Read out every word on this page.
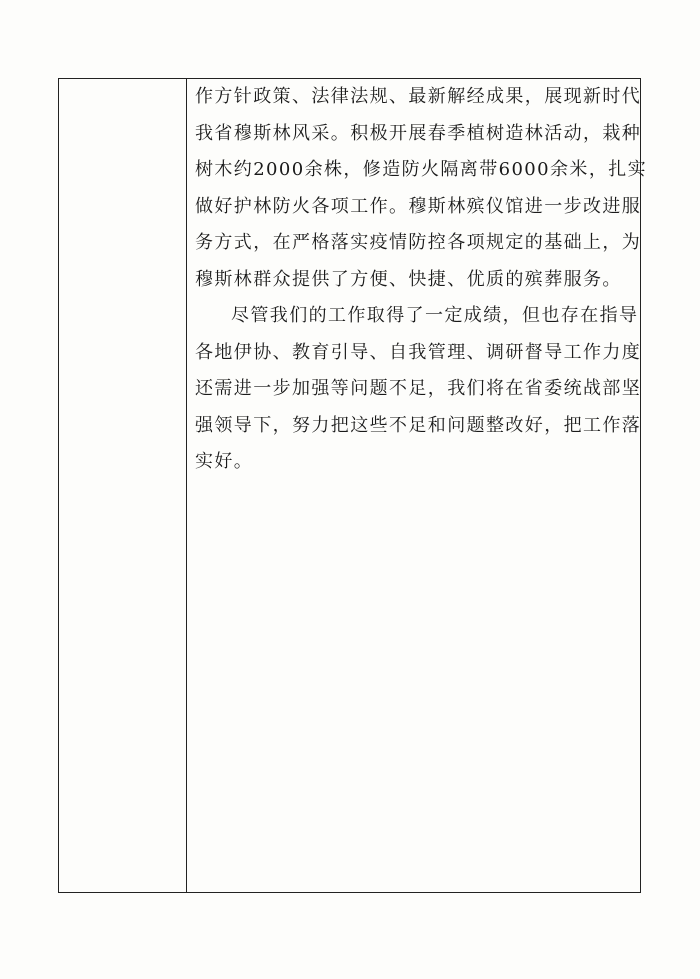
作方针政策、法律法规、最新解经成果，展现新时代
我省穆斯林风采。积极开展春季植树造林活动，栽种
树木约2000余株，修造防火隔离带6000余米，扎实
做好护林防火各项工作。穆斯林殡仪馆进一步改进服
务方式，在严格落实疫情防控各项规定的基础上，为
穆斯林群众提供了方便、快捷、优质的殡葬服务。
尽管我们的工作取得了一定成绩，但也存在指导
各地伊协、教育引导、自我管理、调研督导工作力度
还需进一步加强等问题不足，我们将在省委统战部坚
强领导下，努力把这些不足和问题整改好，把工作落
实好。
